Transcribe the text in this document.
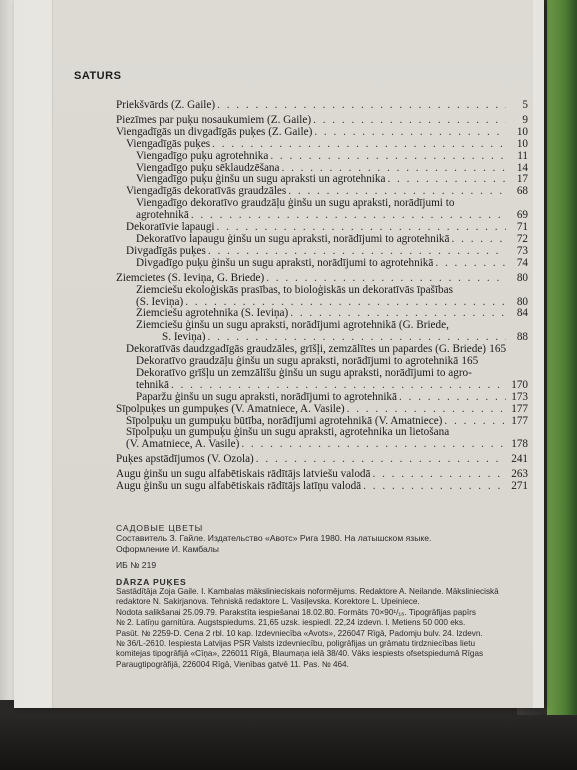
SATURS
Priekšvārds (Z. Gaile) . . .	5
Piezīmes par puķu nosaukumiem (Z. Gaile) . . .	9
Viengadīgās un divgadīgās puķes (Z. Gaile) . . .	10
Viengadīgās puķes . . .	10
Viengadīgo puķu agrotehnika . . .	11
Viengadīgo puķu sēklaudzēšana . . .	14
Viengadīgo puķu ģinšu un sugu apraksti un agrotehnika . . .	17
Viengadīgās dekoratīvās graudzāles . . .	68
Viengadīgo dekoratīvo graudzāļu ģinšu un sugu apraksti, norādījumi to
agrotehnikā . . .	69
Dekoratīvie lapaugi . . .	71
Dekoratīvo lapaugu ģinšu un sugu apraksti, norādījumi to agrotehnikā . . .	72
Divgadīgās puķes . . .	73
Divgadīgo puķu ģinšu un sugu apraksti, norādījumi to agrotehnikā . . .	74
Ziemcietes (S. Ieviņa, G. Briede) . . .	80
Ziemciešu ekoloģiskās prasības, to bioloģiskās un dekoratīvās īpašības
(S. Ieviņa) . . .	80
Ziemciešu agrotehnika (S. Ieviņa) . . .	84
Ziemciešu ģinšu un sugu apraksti, norādījumi agrotehnikā (G. Briede,
S. Ieviņa) . . .	88
Dekoratīvās daudzgadīgās graudzāles, grīšļi, zemzālītes un papardes (G. Briede) 165
Dekoratīvo graudzāļu ģinšu un sugu apraksti, norādījumi to agrotehnikā 165
Dekoratīvo grīšļu un zemzālīšu ģinšu un sugu apraksti, norādījumi to agro-
tehnikā . . .	170
Paparžu ģinšu un sugu apraksti, norādījumi to agrotehnikā . . .	173
Sīpolpuķes un gumpuķes (V. Amatniece, A. Vasile) . . .	177
Sīpolpuķu un gumpuķu būtība, norādījumi agrotehnikā (V. Amatniece) . . .	177
Sīpolpuķu un gumpuķu ģinšu un sugu apraksti, agrotehnika un lietošana
(V. Amatniece, A. Vasile) . . .	178
Puķes apstādījumos (V. Ozola) . . .	241
Augu ģinšu un sugu alfabētiskais rādītājs latviešu valodā . . .	263
Augu ģinšu un sugu alfabētiskais rādītājs latīņu valodā . . .	271
САДОВЫЕ ЦВЕТЫ
Составитель З. Гайле. Издательство «Авотс» Рига 1980. На латышском языке.
Оформление И. Камбалы
ИБ № 219
DĀRZA PUĶES
Sastādītāja Zoja Gaile. I. Kambalas mākslinieciskais noformējums. Redaktore A. Neilande. Mākslinieciskā
redaktore N. Sakirjanova. Tehniskā redaktore L. Vasiļevska. Korektore L. Upeiniece.
Nodota salikšanai 25.09.79. Parakstīta iespiešanai 18.02.80. Formāts 70×90¹/₁₆. Tipogrāfijas papīrs
№ 2. Latīņu garnitūra. Augstspiedums. 21,65 uzsk. iespiedl. 22,24 izdevn. l. Metiens 50 000 eks.
Pasūt. № 2259-D. Cena 2 rbl. 10 kap. Izdevniecība «Avots», 226047 Rīgā, Padomju bulv. 24. Izdevn.
№ 36/L-2610. Iespiesta Latvijas PSR Valsts izdevniecību, poligrāfijas un grāmatu tirdzniecības lietu
komitejas tipogrāfijā «Cīņa», 226011 Rīgā, Blaumaņa ielā 38/40. Vāks iespiests ofsetspiedumā Rīgas
Paraugtipogrāfijā, 226004 Rīgā, Vienības gatvē 11. Pas. № 464.
